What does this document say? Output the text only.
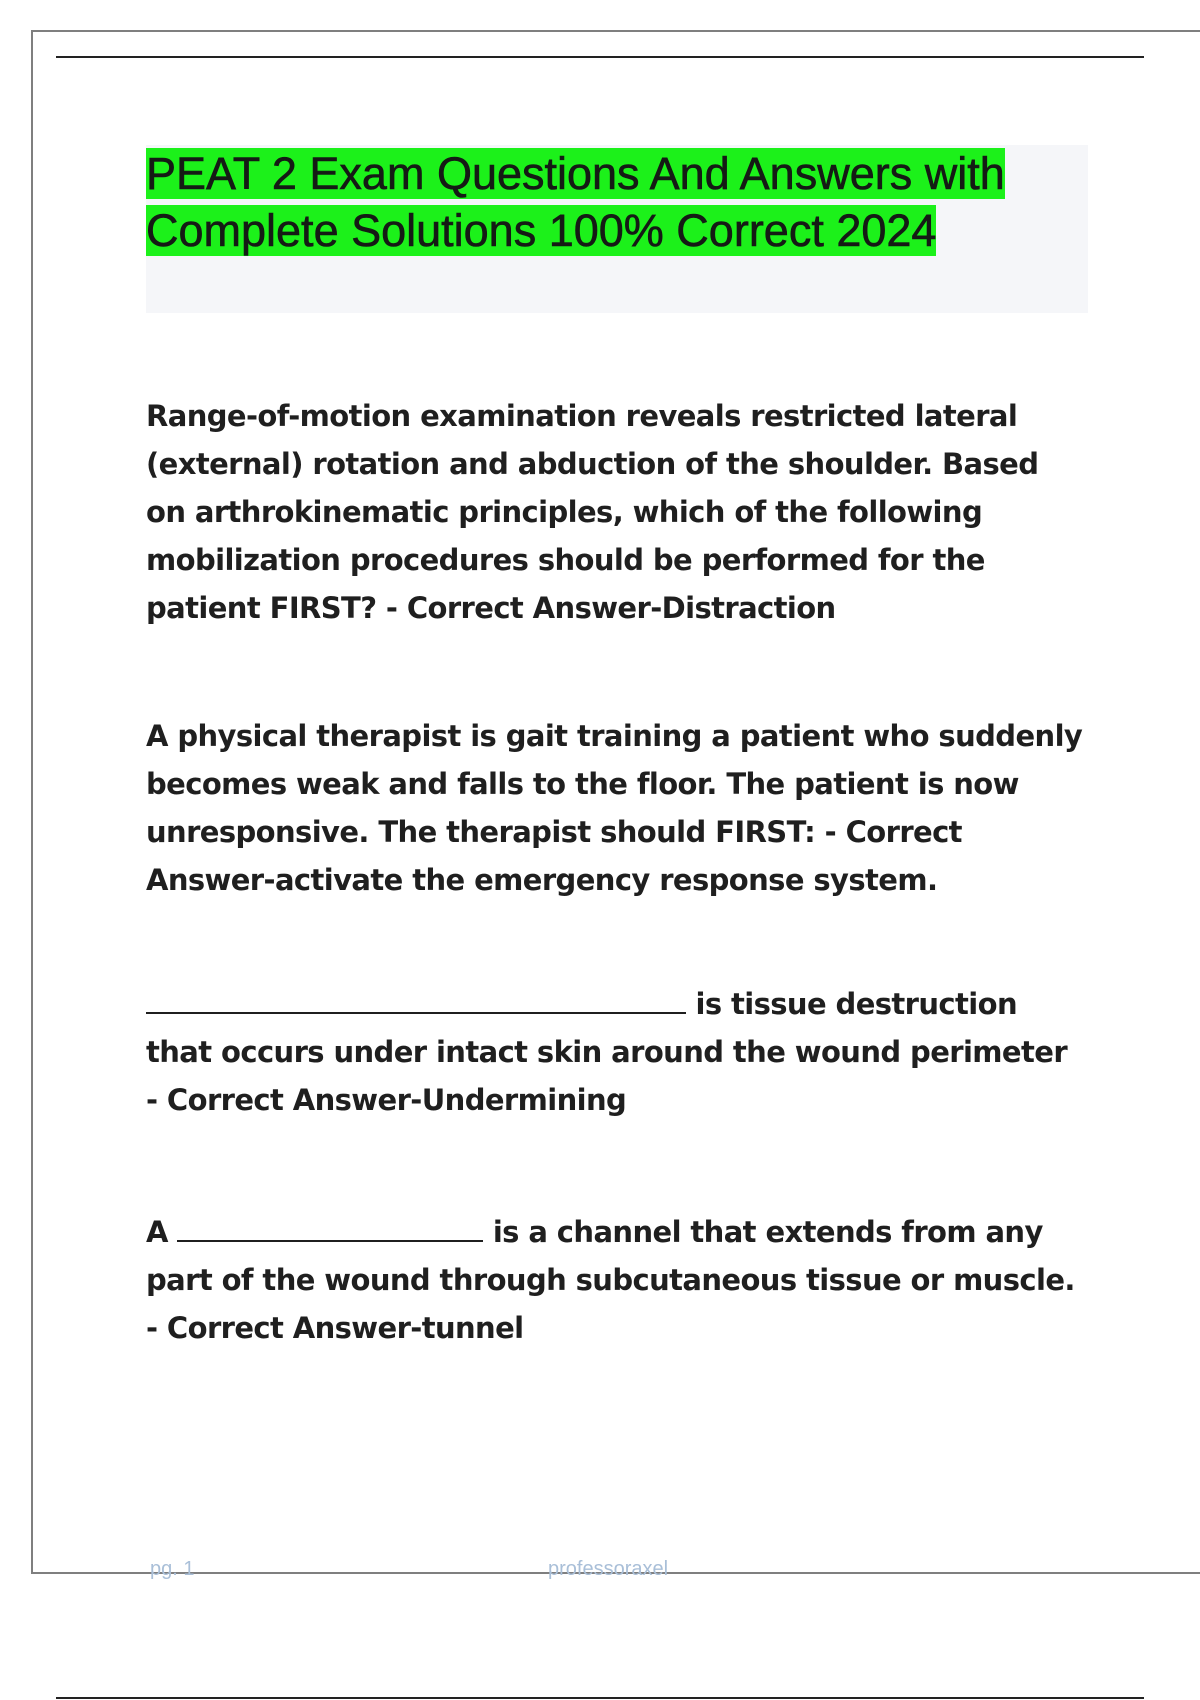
PEAT 2 Exam Questions And Answers with Complete Solutions 100% Correct 2024

Range-of-motion examination reveals restricted lateral (external) rotation and abduction of the shoulder. Based on arthrokinematic principles, which of the following mobilization procedures should be performed for the patient FIRST? - Correct Answer-Distraction

A physical therapist is gait training a patient who suddenly becomes weak and falls to the floor. The patient is now unresponsive. The therapist should FIRST: - Correct Answer-activate the emergency response system.

is tissue destruction that occurs under intact skin around the wound perimeter - Correct Answer-Undermining

A	is a channel that extends from any part of the wound through subcutaneous tissue or muscle. - Correct Answer-tunnel

pg. 1	professoraxel
